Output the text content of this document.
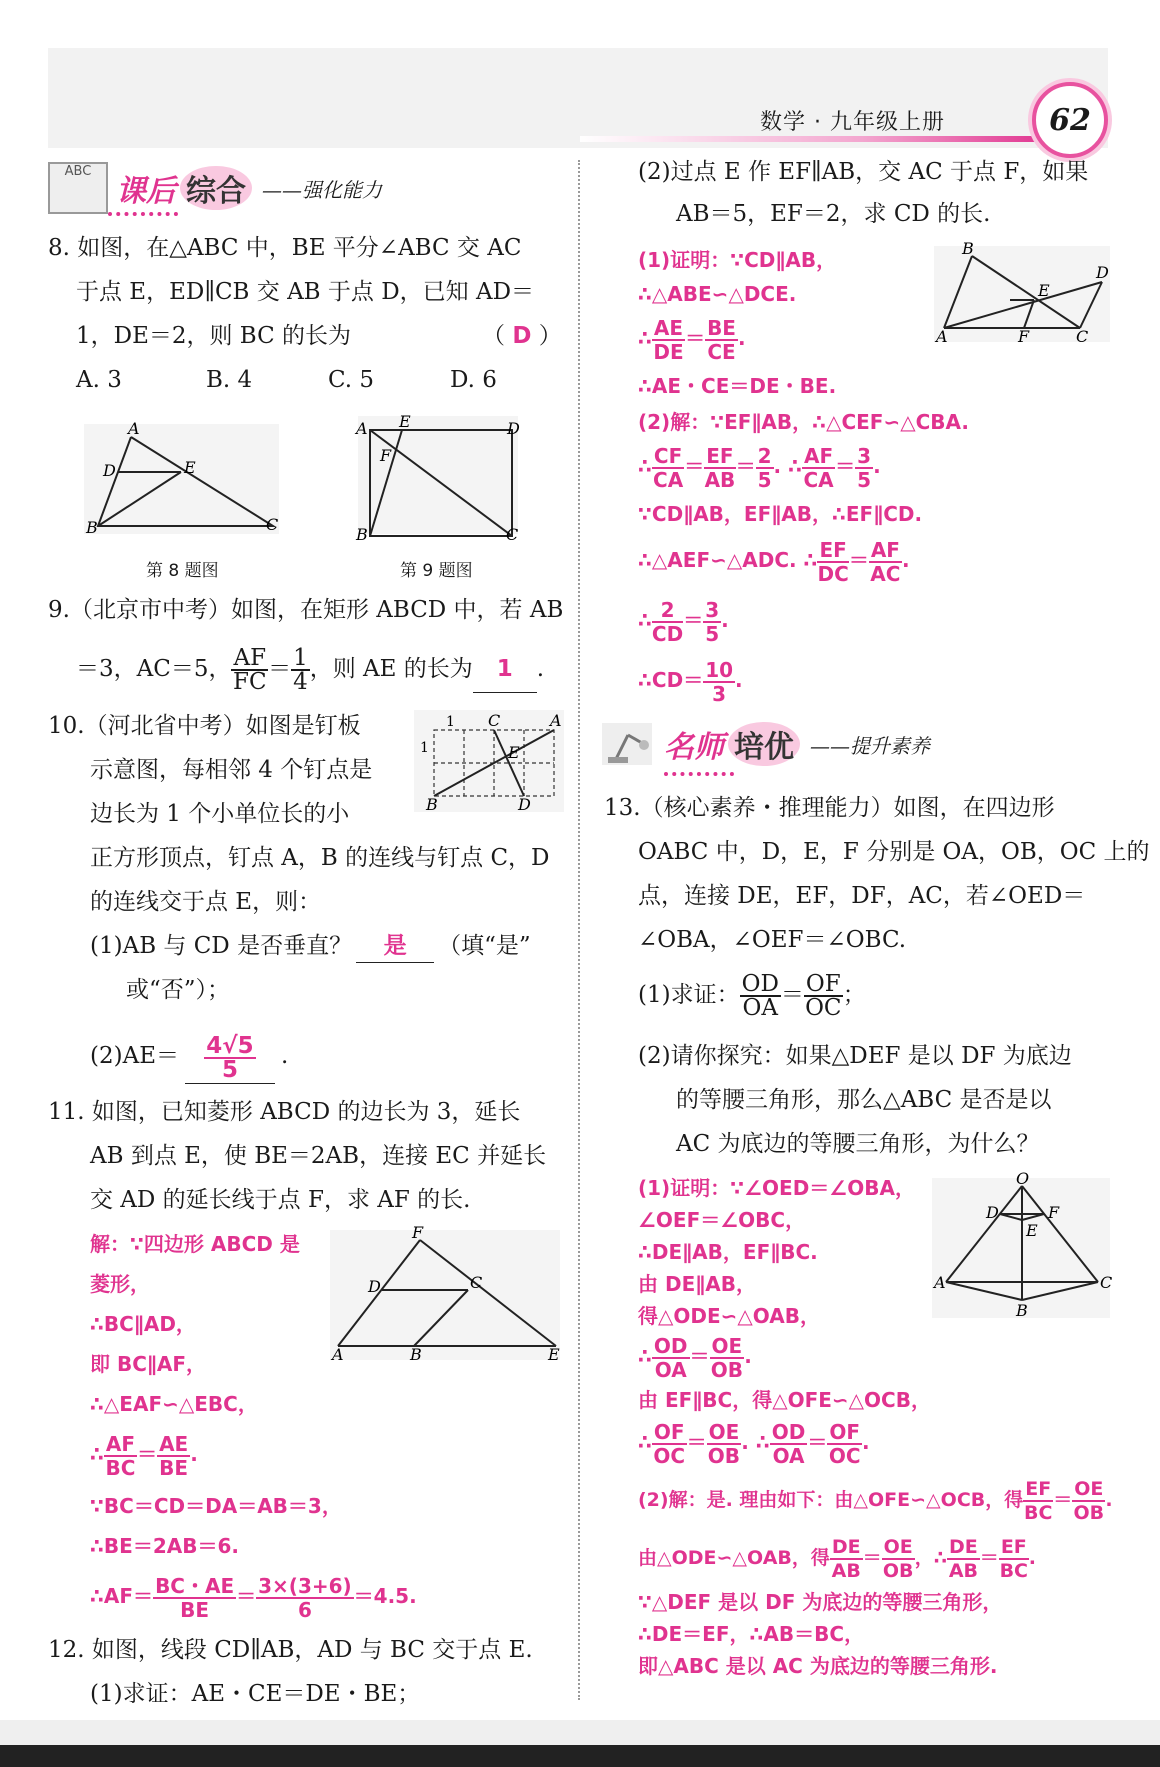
数学 · 九年级上册	62
ABC
课后 综合 ——强化能力
8. 如图，在△ABC 中，BE 平分∠ABC 交 AC
于点 E，ED∥CB 交 AB 于点 D，已知 AD＝
1，DE＝2，则 BC 的长为	（ D ）
A. 3	B. 4	C. 5	D. 6
A
D	E
B	C
第 8 题图
A E	D
F
B	C
第 9 题图
9.（北京市中考）如图，在矩形 ABCD 中，若 AB
＝3，AC＝5， $\frac{AF}{FC} = \frac{1}{4}$ ，则 AE 的长为 1 .
10.（河北省中考）如图是钉板
示意图，每相邻 4 个钉点是
边长为 1 个小单位长的小
正方形顶点，钉点 A，B 的连线与钉点 C，D
的连线交于点 E，则：
(1)AB 与 CD 是否垂直？ 是 （填“是”
或“否”）；
$(2)AE= \frac{4√5}{5}$ .
1
1
C	A
E
B	D
11. 如图，已知菱形 ABCD 的边长为 3，延长
AB 到点 E，使 BE＝2AB，连接 EC 并延长
交 AD 的延长线于点 F，求 AF 的长.
解：∵四边形 ABCD 是
菱形，
∴BC∥AD，
即 BC∥AF，
∴△EAF∽△EBC，
∴ $\frac{AF}{BC} = \frac{AE}{BE}$ .
∵BC＝CD＝DA＝AB＝3，
∴BE＝2AB＝6.
∴AF＝ $\frac{BC・AE}{BE} = \frac{3\times(3+6)}{6} =4.5$.
F
D	C
A	B	E
12. 如图，线段 CD∥AB，AD 与 BC 交于点 E.
(1)求证：AE・CE＝DE・BE；
(2)过点 E 作 EF∥AB，交 AC 于点 F，如果
AB＝5，EF＝2，求 CD 的长.
(1)证明：∵CD∥AB，
∴△ABE∽△DCE.
∴ $\frac{AE}{DE} = \frac{BE}{CE}$ .
∴AE・CE＝DE・BE.
(2)解：∵EF∥AB，∴△CEF∽△CBA.
∴ $\frac{CF}{CA} = \frac{EF}{AB} = \frac{2}{5}$ . ∴ $\frac{AF}{CA} = \frac{3}{5}$ .
∵CD∥AB，EF∥AB，∴EF∥CD.
∴△AEF∽△ADC. ∴ $\frac{EF}{DC} = \frac{AF}{AC}$ .
∴ $\frac{2}{CD} = \frac{3}{5}$ .
∴CD＝ $\frac{10}{3}$ .
B
E
D
A	F	C
名师 培优 ——提升素养
13.（核心素养・推理能力）如图，在四边形
OABC 中，D，E，F 分别是 OA，OB，OC 上的
点，连接 DE，EF，DF，AC，若∠OED＝
∠OBA，∠OEF＝∠OBC.
(1)求证： $\frac{OD}{OA} = \frac{OF}{OC}$ ；
(2)请你探究：如果△DEF 是以 DF 为底边
的等腰三角形，那么△ABC 是否是以
AC 为底边的等腰三角形，为什么？
(1)证明：∵∠OED＝∠OBA，
∠OEF＝∠OBC，
∴DE∥AB，EF∥BC.
由 DE∥AB，
得△ODE∽△OAB，
∴ $\frac{OD}{OA} = \frac{OE}{OB}$ .
由 EF∥BC，得△OFE∽△OCB，
∴ $\frac{OF}{OC} = \frac{OE}{OB}$ . ∴ $\frac{OD}{OA} = \frac{OF}{OC}$ .
(2)解：是. 理由如下：由△OFE∽△OCB，得 $\frac{EF}{BC} = \frac{OE}{OB}$ .
由△ODE∽△OAB，得 $\frac{DE}{AB} = \frac{OE}{OB}$ ，∴ $\frac{DE}{AB} = \frac{EF}{BC}$ .
∵△DEF 是以 DF 为底边的等腰三角形，
∴DE＝EF，∴AB＝BC，
即△ABC 是以 AC 为底边的等腰三角形.
O
D	F
E
A	C
B
